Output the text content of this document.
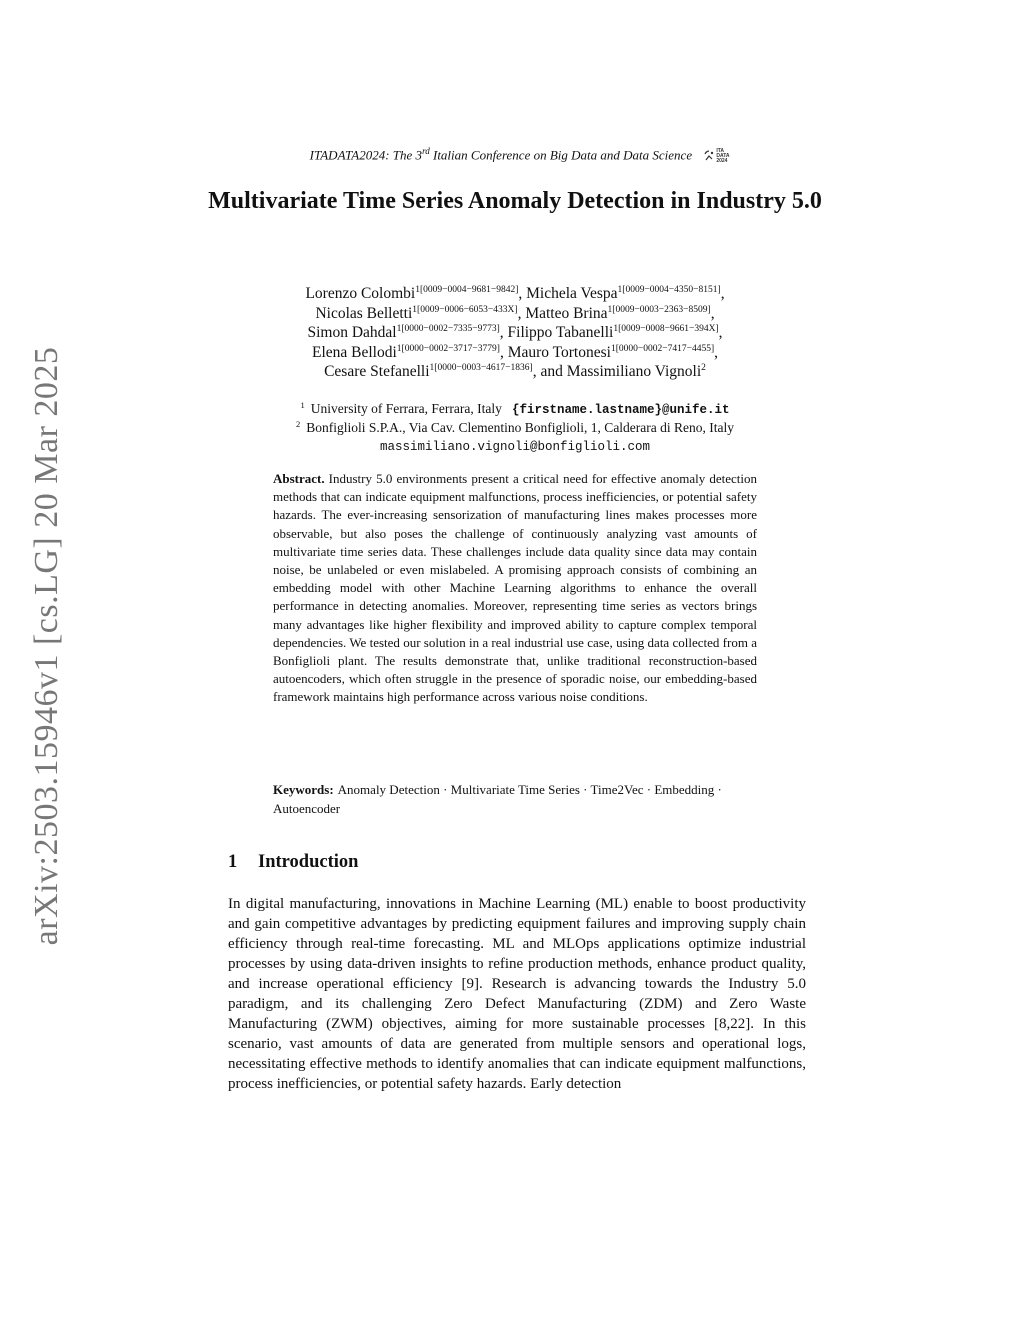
arXiv:2503.15946v1 [cs.LG] 20 Mar 2025
ITADATA2024: The 3rd Italian Conference on Big Data and Data Science	ITA DATA 2024
Multivariate Time Series Anomaly Detection in Industry 5.0
Lorenzo Colombi$^{1[0009-0004-9681-9842]}$, Michela Vespa$^{1[0009-0004-4350-8151]}$,
Nicolas Belletti$^{1[0009-0006-6053-433X]}$, Matteo Brina$^{1[0009-0003-2363-8509]}$,
Simon Dahdal$^{1[0000-0002-7335-9773]}$, Filippo Tabanelli$^{1[0009-0008-9661-394X]}$,
Elena Bellodi$^{1[0000-0002-3717-3779]}$, Mauro Tortonesi$^{1[0000-0002-7417-4455]}$,
Cesare Stefanelli$^{1[0000-0003-4617-1836]}$, and Massimiliano Vignoli$^2$
$^1$ University of Ferrara, Ferrara, Italy {firstname.lastname}@unife.it
$^2$ Bonfiglioli S.P.A., Via Cav. Clementino Bonfiglioli, 1, Calderara di Reno, Italy
massimiliano.vignoli@bonfiglioli.com
Abstract. Industry 5.0 environments present a critical need for effective anomaly detection methods that can indicate equipment malfunctions, process inefficiencies, or potential safety hazards. The ever-increasing sensorization of manufacturing lines makes processes more observable, but also poses the challenge of continuously analyzing vast amounts of multivariate time series data. These challenges include data quality since data may contain noise, be unlabeled or even mislabeled. A promising approach consists of combining an embedding model with other Machine Learning algorithms to enhance the overall performance in detecting anomalies. Moreover, representing time series as vectors brings many advantages like higher flexibility and improved ability to capture complex temporal dependencies. We tested our solution in a real industrial use case, using data collected from a Bonfiglioli plant. The results demonstrate that, unlike traditional reconstruction-based autoencoders, which often struggle in the presence of sporadic noise, our embedding-based framework maintains high performance across various noise conditions.
Keywords: Anomaly Detection · Multivariate Time Series · Time2Vec · Embedding · Autoencoder
1 Introduction
In digital manufacturing, innovations in Machine Learning (ML) enable to boost productivity and gain competitive advantages by predicting equipment failures and improving supply chain efficiency through real-time forecasting. ML and MLOps applications optimize industrial processes by using data-driven insights to refine production methods, enhance product quality, and increase operational efficiency [9]. Research is advancing towards the Industry 5.0 paradigm, and its challenging Zero Defect Manufacturing (ZDM) and Zero Waste Manufacturing (ZWM) objectives, aiming for more sustainable processes [8,22]. In this scenario, vast amounts of data are generated from multiple sensors and operational logs, necessitating effective methods to identify anomalies that can indicate equipment malfunctions, process inefficiencies, or potential safety hazards. Early detection
